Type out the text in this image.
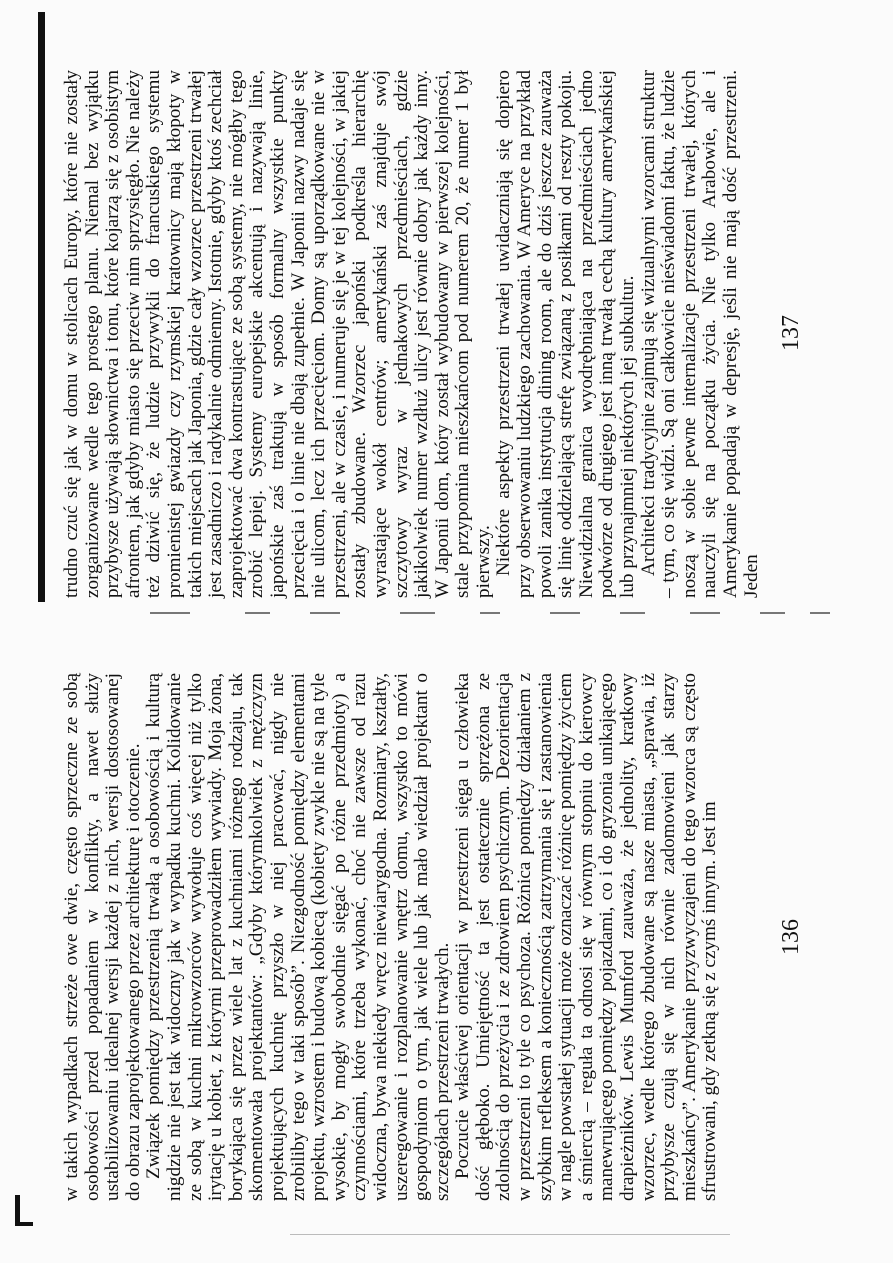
w takich wypadkach strzeże owe dwie, często sprzeczne ze sobą osobowości przed popadaniem w konflikty, a nawet służy ustabilizowaniu idealnej wersji każdej z nich, wersji dostosowanej do obrazu zaprojektowanego przez architekturę i otoczenie. Związek pomiędzy przestrzenią trwałą a osobowością i kulturą nigdzie nie jest tak widoczny jak w wypadku kuchni. Kolidowanie ze sobą w kuchni mikrowzorców wywołuje coś więcej niż tylko irytację u kobiet, z którymi przeprowadziłem wywiady. Moja żona, borykająca się przez wiele lat z kuchniami różnego rodzaju, tak skomentowała projektantów: „Gdyby którymkolwiek z mężczyzn projektujących kuchnię przyszło w niej pracować, nigdy nie zrobiliby tego w taki sposób”. Niezgodność pomiędzy elementami projektu, wzrostem i budową kobiecą (kobiety zwykle nie są na tyle wysokie, by mogły swobodnie sięgać po różne przedmioty) a czynnościami, które trzeba wykonać, choć nie zawsze od razu widoczna, bywa niekiedy wręcz niewiarygodna. Rozmiary, kształty, uszeregowanie i rozplanowanie wnętrz domu, wszystko to mówi gospodyniom o tym, jak wiele lub jak mało wiedział projektant o szczegółach przestrzeni trwałych. Poczucie właściwej orientacji w przestrzeni sięga u człowieka dość głęboko. Umiejętność ta jest ostatecznie sprzężona ze zdolnością do przeżycia i ze zdrowiem psychicznym. Dezorientacja w przestrzeni to tyle co psychoza. Różnica pomiędzy działaniem z szybkim refleksem a koniecznością zatrzymania się i zastanowienia w nagle powstałej sytuacji może oznaczać różnicę pomiędzy życiem a śmiercią – reguła ta odnosi się w równym stopniu do kierowcy manewrującego pomiędzy pojazdami, co i do gryzonia unikającego drapieżników. Lewis Mumford zauważa, że jednolity, kratkowy wzorzec, wedle którego zbudowane są nasze miasta, „sprawia, iż przybysze czują się w nich równie zadomowieni jak starzy mieszkańcy”. Amerykanie przyzwyczajeni do tego wzorca są często sfrustrowani, gdy zetkną się z czymś innym. Jest im 136

trudno czuć się jak w domu w stolicach Europy, które nie zostały zorganizowane wedle tego prostego planu. Niemal bez wyjątku przybysze używają słownictwa i tonu, które kojarzą się z osobistym afrontem, jak gdyby miasto się przeciw nim sprzysięgło. Nie należy też dziwić się, że ludzie przywykli do francuskiego systemu promienistej gwiazdy czy rzymskiej kratownicy mają kłopoty w takich miejscach jak Japonia, gdzie cały wzorzec przestrzeni trwałej jest zasadniczo i radykalnie odmienny. Istotnie, gdyby ktoś zechciał zaprojektować dwa kontrastujące ze sobą systemy, nie mógłby tego zrobić lepiej. Systemy europejskie akcentują i nazywają linie, japońskie zaś traktują w sposób formalny wszystkie punkty przecięcia i o linie nie dbają zupełnie. W Japonii nazwy nadaje się nie ulicom, lecz ich przecięciom. Domy są uporządkowane nie w przestrzeni, ale w czasie, i numeruje się je w tej kolejności, w jakiej zostały zbudowane. Wzorzec japoński podkreśla hierarchię wyrastające wokół centrów; amerykański zaś znajduje swój szczytowy wyraz w jednakowych przedmieściach, gdzie jakikolwiek numer wzdłuż ulicy jest równie dobry jak każdy inny. W Japonii dom, który został wybudowany w pierwszej kolejności, stale przypomina mieszkańcom pod numerem 20, że numer 1 był pierwszy. Niektóre aspekty przestrzeni trwałej uwidaczniają się dopiero przy obserwowaniu ludzkiego zachowania. W Ameryce na przykład powoli zanika instytucja dining room, ale do dziś jeszcze zauważa się linię oddzielającą strefę związaną z posiłkami od reszty pokoju. Niewidzialna granica wyodrębniająca na przedmieściach jedno podwórze od drugiego jest inną trwałą cechą kultury amerykańskiej lub przynajmniej niektórych jej subkultur. Architekci tradycyjnie zajmują się wizualnymi wzorcami struktur – tym, co się widzi. Są oni całkowicie nieświadomi faktu, że ludzie noszą w sobie pewne internalizacje przestrzeni trwałej, których nauczyli się na początku życia. Nie tylko Arabowie, ale i Amerykanie popadają w depresję, jeśli nie mają dość przestrzeni. Jeden

137
